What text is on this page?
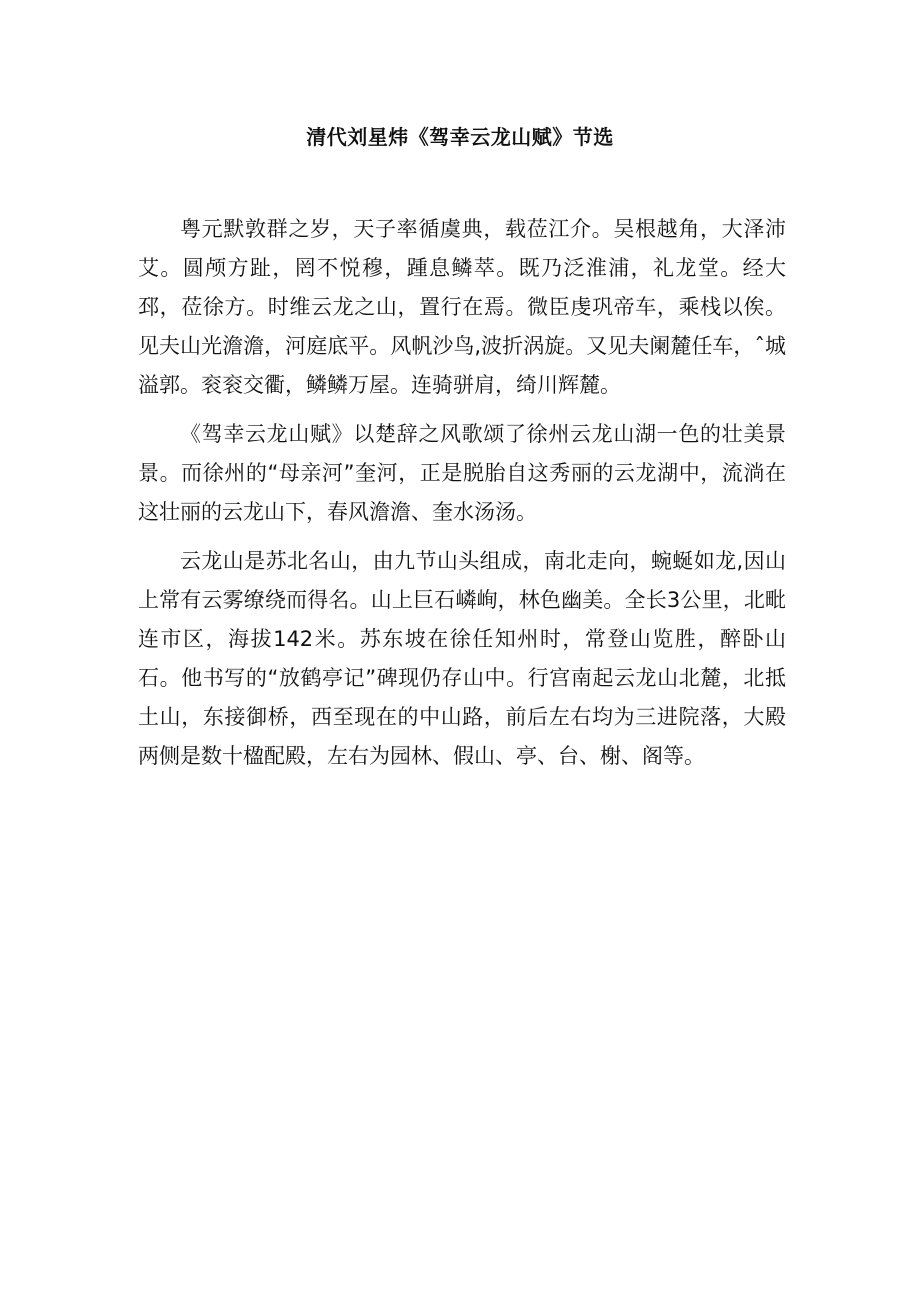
清代刘星炜《驾幸云龙山赋》节选

粤元默敦群之岁，天子率循虞典，载莅江介。吴根越角，大泽沛艾。圆颅方趾，罔不悦穆，踵息鳞萃。既乃泛淮浦，礼龙堂。经大邳，莅徐方。时维云龙之山，置行在焉。微臣虔巩帝车，乘栈以俟。见夫山光澹澹，河庭底平。风帆沙鸟,波折涡旋。又见夫阑麓任车，ˆ城溢郭。衮衮交衢，鳞鳞万屋。连骑骈肩，绮川辉麓。

《驾幸云龙山赋》以楚辞之风歌颂了徐州云龙山湖一色的壮美景景。而徐州的“母亲河”奎河，正是脱胎自这秀丽的云龙湖中，流淌在这壮丽的云龙山下，春风澹澹、奎水汤汤。

云龙山是苏北名山，由九节山头组成，南北走向，蜿蜒如龙,因山上常有云雾缭绕而得名。山上巨石嶙峋，林色幽美。全长3公里，北毗连市区，海拔142米。苏东坡在徐任知州时，常登山览胜，醉卧山石。他书写的“放鹤亭记”碑现仍存山中。行宫南起云龙山北麓，北抵土山，东接御桥，西至现在的中山路，前后左右均为三进院落，大殿两侧是数十楹配殿，左右为园林、假山、亭、台、榭、阁等。
